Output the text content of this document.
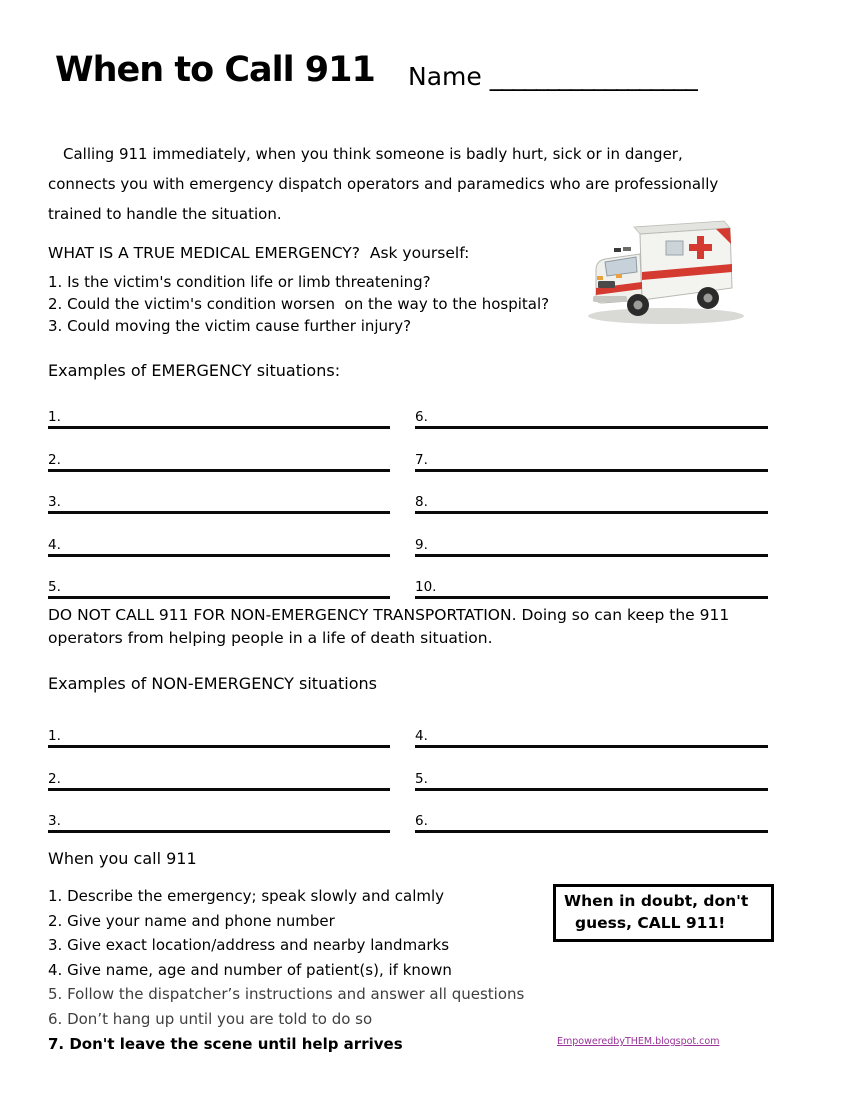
When to Call 911 Name __________________

Calling 911 immediately, when you think someone is badly hurt, sick or in danger, connects you with emergency dispatch operators and paramedics who are professionally trained to handle the situation.

WHAT IS A TRUE MEDICAL EMERGENCY?  Ask yourself:
1. Is the victim's condition life or limb threatening?
2. Could the victim's condition worsen  on the way to the hospital?
3. Could moving the victim cause further injury?
Examples of EMERGENCY situations:
1.
2.
3.
4.
5.
6.
7.
8.
9.
10.
DO NOT CALL 911 FOR NON-EMERGENCY TRANSPORTATION. Doing so can keep the 911 operators from helping people in a life of death situation.
Examples of NON-EMERGENCY situations
1.
2.
3.
4.
5.
6.
When you call 911
1. Describe the emergency; speak slowly and calmly
2. Give your name and phone number
3. Give exact location/address and nearby landmarks
4. Give name, age and number of patient(s), if known
5. Follow the dispatcher’s instructions and answer all questions
6. Don’t hang up until you are told to do so
7. Don't leave the scene until help arrives
When in doubt, don't
guess, CALL 911!
EmpoweredbyTHEM.blogspot.com
